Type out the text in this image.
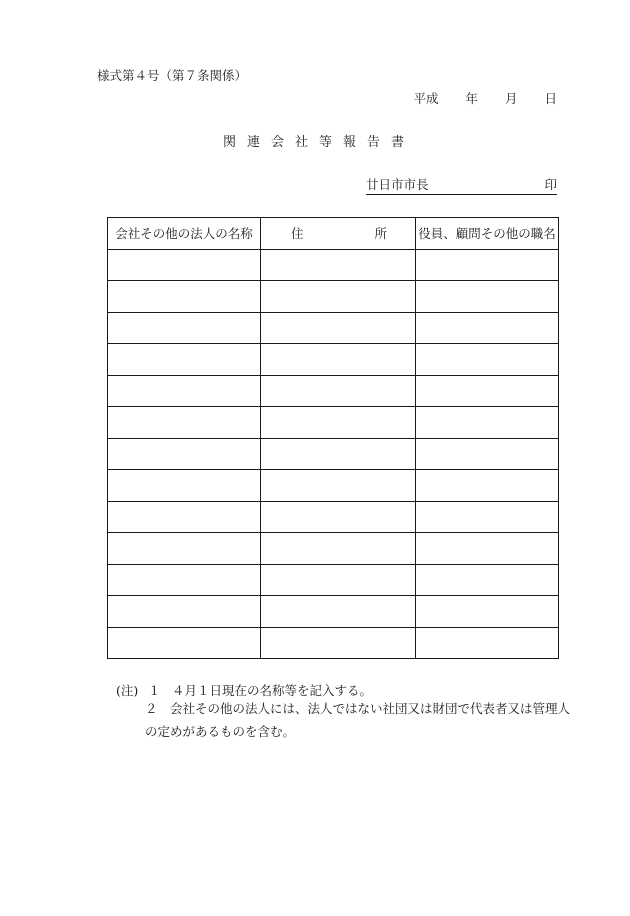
様式第４号（第７条関係）
平成 年 月 日
関連会社等報告書
廿日市市長	印
会社その他の法人の名称	住 所	役員、顧問その他の職名

(注) １ ４月１日現在の名称等を記入する。
２ 会社その他の法人には、法人ではない社団又は財団で代表者又は管理人の定めがあるものを含む。
